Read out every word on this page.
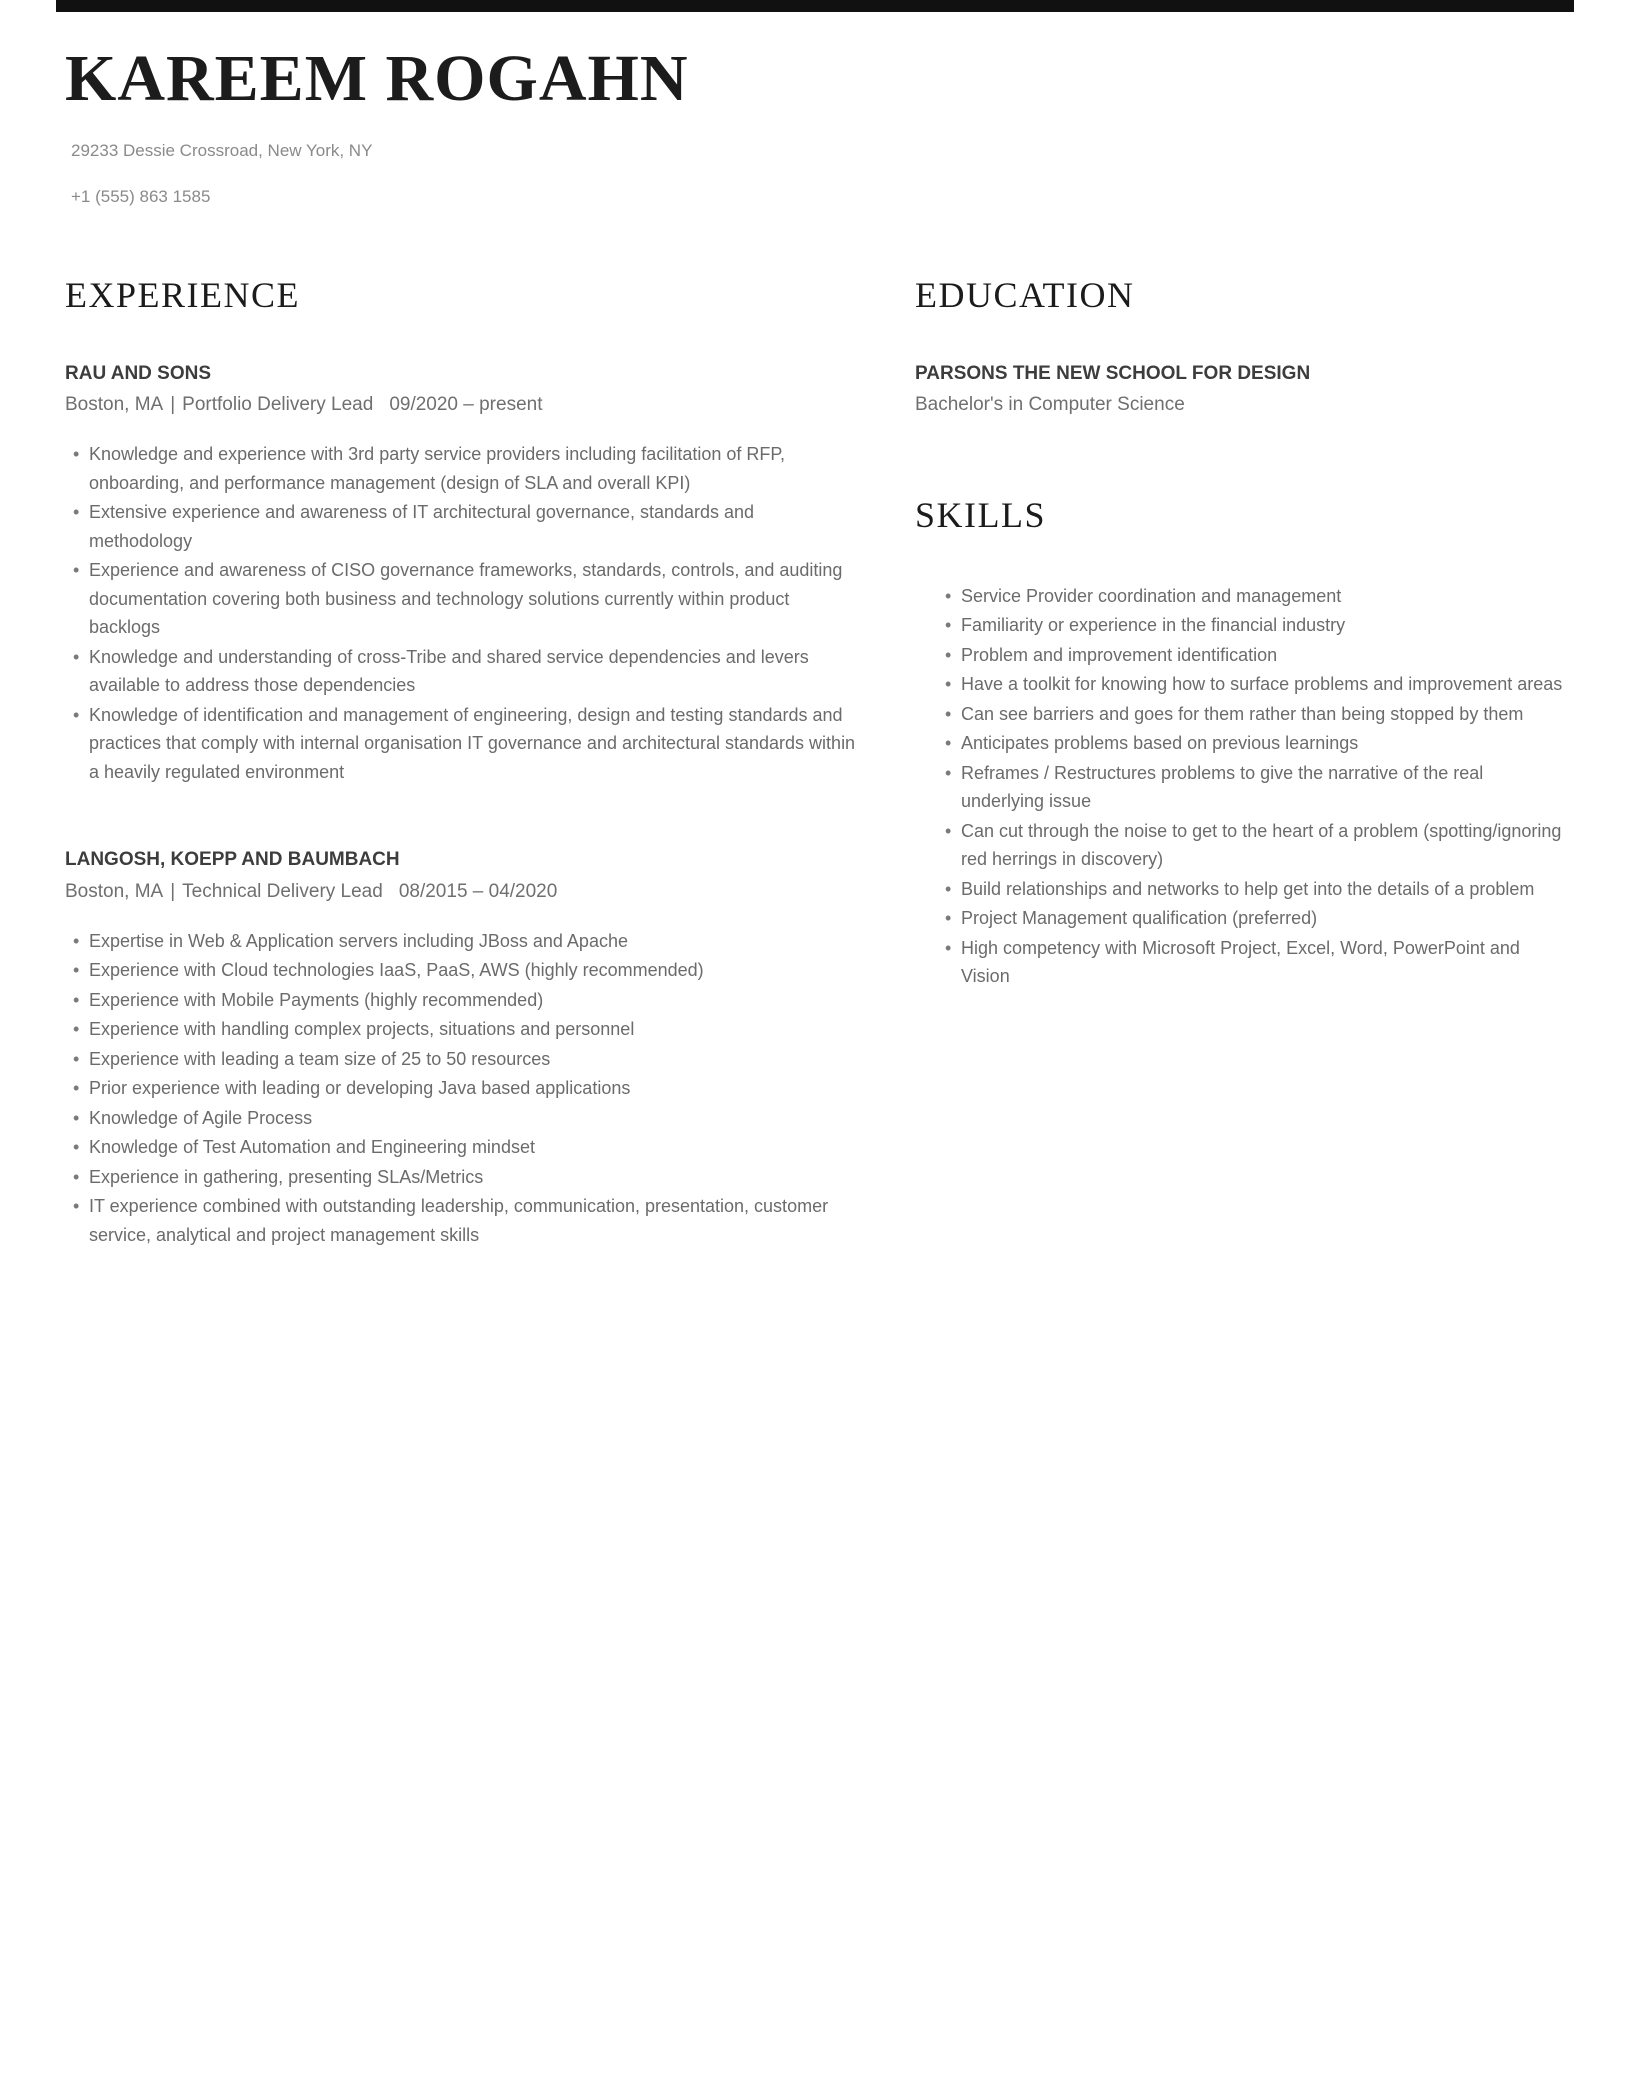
KAREEM ROGAHN

29233 Dessie Crossroad, New York, NY

+1 (555) 863 1585

EXPERIENCE
RAU AND SONS

Boston, MA | Portfolio Delivery Lead 09/2020 – present

• Knowledge and experience with 3rd party service providers including facilitation of RFP, onboarding, and performance management (design of SLA and overall KPI)
• Extensive experience and awareness of IT architectural governance, standards and methodology
• Experience and awareness of CISO governance frameworks, standards, controls, and auditing documentation covering both business and technology solutions currently within product backlogs
• Knowledge and understanding of cross-Tribe and shared service dependencies and levers available to address those dependencies
• Knowledge of identification and management of engineering, design and testing standards and practices that comply with internal organisation IT governance and architectural standards within a heavily regulated environment
LANGOSH, KOEPP AND BAUMBACH

Boston, MA | Technical Delivery Lead 08/2015 – 04/2020

• Expertise in Web & Application servers including JBoss and Apache
• Experience with Cloud technologies IaaS, PaaS, AWS (highly recommended)
• Experience with Mobile Payments (highly recommended)
• Experience with handling complex projects, situations and personnel
• Experience with leading a team size of 25 to 50 resources
• Prior experience with leading or developing Java based applications
• Knowledge of Agile Process
• Knowledge of Test Automation and Engineering mindset
• Experience in gathering, presenting SLAs/Metrics
• IT experience combined with outstanding leadership, communication, presentation, customer service, analytical and project management skills
EDUCATION
PARSONS THE NEW SCHOOL FOR DESIGN

Bachelor's in Computer Science

SKILLS
• Service Provider coordination and management
• Familiarity or experience in the financial industry
• Problem and improvement identification
• Have a toolkit for knowing how to surface problems and improvement areas
• Can see barriers and goes for them rather than being stopped by them
• Anticipates problems based on previous learnings
• Reframes / Restructures problems to give the narrative of the real underlying issue
• Can cut through the noise to get to the heart of a problem (spotting/ignoring red herrings in discovery)
• Build relationships and networks to help get into the details of a problem
• Project Management qualification (preferred)
• High competency with Microsoft Project, Excel, Word, PowerPoint and Vision
